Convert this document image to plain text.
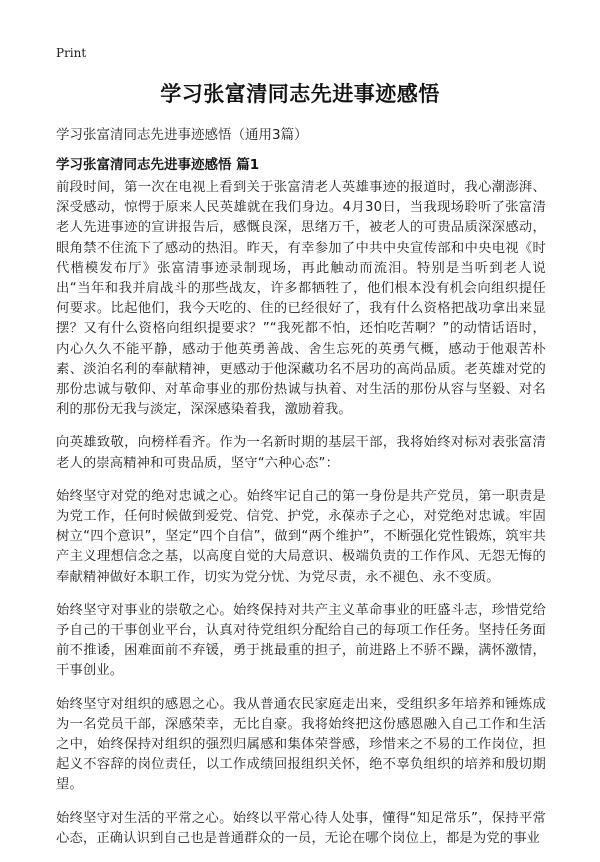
Print
学习张富清同志先进事迹感悟
学习张富清同志先进事迹感悟（通用3篇）
学习张富清同志先进事迹感悟 篇1

前段时间，第一次在电视上看到关于张富清老人英雄事迹的报道时，我心潮澎湃、深受感动，惊愕于原来人民英雄就在我们身边。4月30日，当我现场聆听了张富清老人先进事迹的宣讲报告后，感慨良深，思绪万千，被老人的可贵品质深深感动，眼角禁不住流下了感动的热泪。昨天，有幸参加了中共中央宣传部和中央电视《时代楷模发布厅》张富清事迹录制现场，再此触动而流泪。特别是当听到老人说出“当年和我并肩战斗的那些战友，许多都牺牲了，他们根本没有机会向组织提任何要求。比起他们，我今天吃的、住的已经很好了，我有什么资格把战功拿出来显摆？又有什么资格向组织提要求？”“我死都不怕，还怕吃苦啊？”的动情话语时，内心久久不能平静，感动于他英勇善战、舍生忘死的英勇气概，感动于他艰苦朴素、淡泊名利的奉献精神，更感动于他深藏功名不居功的高尚品质。老英雄对党的那份忠诚与敬仰、对革命事业的那份热诚与执着、对生活的那份从容与坚毅、对名利的那份无我与淡定，深深感染着我，激励着我。

向英雄致敬，向榜样看齐。作为一名新时期的基层干部，我将始终对标对表张富清老人的崇高精神和可贵品质，坚守“六种心态”：

始终坚守对党的绝对忠诚之心。始终牢记自己的第一身份是共产党员，第一职责是为党工作，任何时候做到爱党、信党、护党，永葆赤子之心，对党绝对忠诚。牢固树立“四个意识”，坚定“四个自信”，做到“两个维护”，不断强化党性锻炼，筑牢共产主义理想信念之基，以高度自觉的大局意识、极端负责的工作作风、无怨无悔的奉献精神做好本职工作，切实为党分忧、为党尽责，永不褪色、永不变质。

始终坚守对事业的崇敬之心。始终保持对共产主义革命事业的旺盛斗志，珍惜党给予自己的干事创业平台，认真对待党组织分配给自己的每项工作任务。坚持任务面前不推诿，困难面前不弃锾，勇于挑最重的担子，前进路上不骄不躁，满怀激情，干事创业。

始终坚守对组织的感恩之心。我从普通农民家庭走出来，受组织多年培养和锤炼成为一名党员干部，深感荣幸，无比自豪。我将始终把这份感恩融入自己工作和生活之中，始终保持对组织的强烈归属感和集体荣誉感，珍惜来之不易的工作岗位，担起义不容辞的岗位责任，以工作成绩回报组织关怀，绝不辜负组织的培养和殷切期望。

始终坚守对生活的平常之心。始终以平常心待人处事，懂得“知足常乐”，保持平常心态，正确认识到自己也是普通群众的一员，无论在哪个岗位上，都是为党的事业
